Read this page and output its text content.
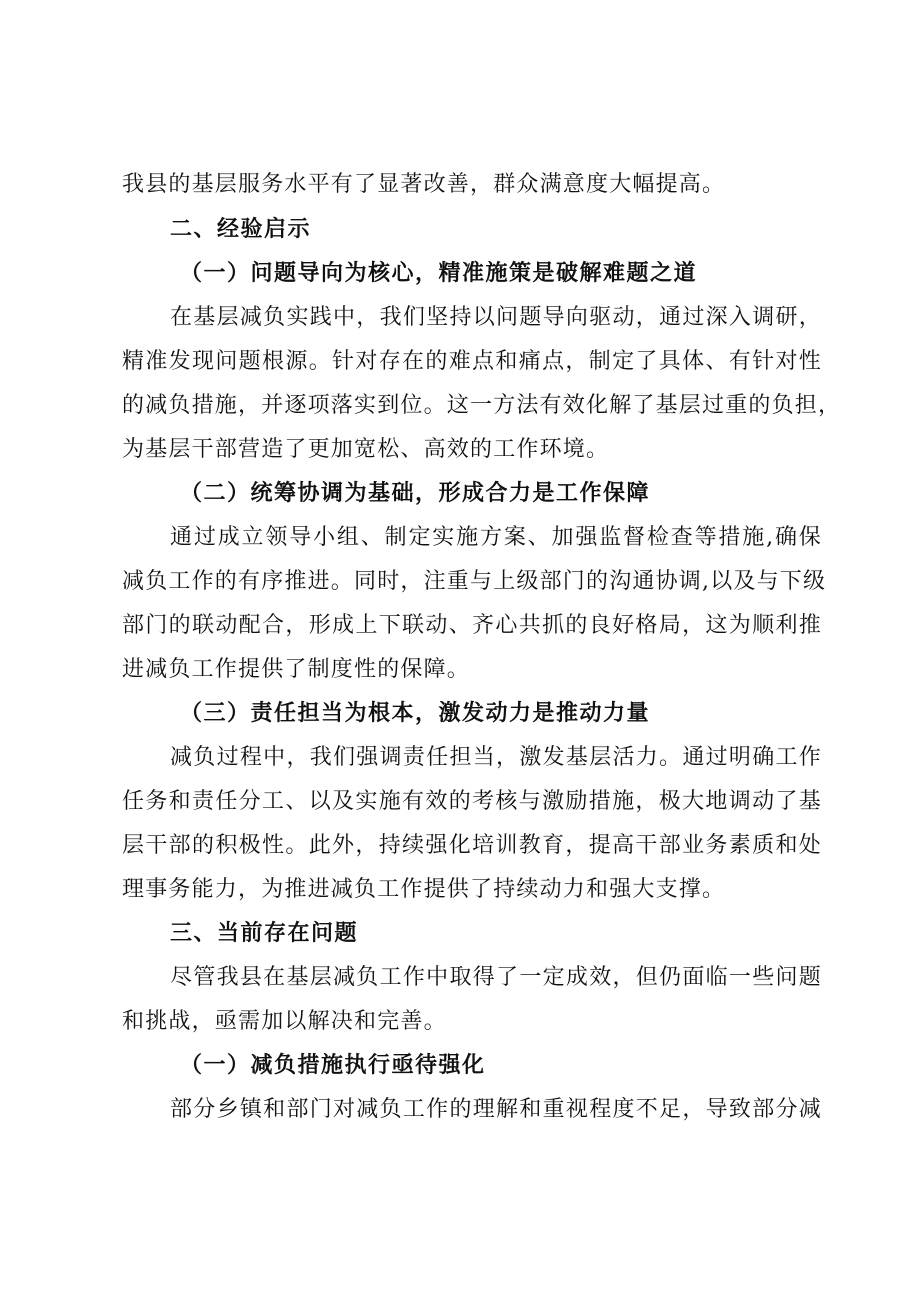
我县的基层服务水平有了显著改善，群众满意度大幅提高。
二、经验启示
（一）问题导向为核心，精准施策是破解难题之道
在基层减负实践中，我们坚持以问题导向驱动，通过深入调研，
精准发现问题根源。针对存在的难点和痛点，制定了具体、有针对性
的减负措施，并逐项落实到位。这一方法有效化解了基层过重的负担，
为基层干部营造了更加宽松、高效的工作环境。
（二）统筹协调为基础，形成合力是工作保障
通过成立领导小组、制定实施方案、加强监督检查等措施,确保
减负工作的有序推进。同时，注重与上级部门的沟通协调,以及与下级
部门的联动配合，形成上下联动、齐心共抓的良好格局，这为顺利推
进减负工作提供了制度性的保障。
（三）责任担当为根本，激发动力是推动力量
减负过程中，我们强调责任担当，激发基层活力。通过明确工作
任务和责任分工、以及实施有效的考核与激励措施，极大地调动了基
层干部的积极性。此外，持续强化培训教育，提高干部业务素质和处
理事务能力，为推进减负工作提供了持续动力和强大支撑。
三、当前存在问题
尽管我县在基层减负工作中取得了一定成效，但仍面临一些问题
和挑战，亟需加以解决和完善。
（一）减负措施执行亟待强化
部分乡镇和部门对减负工作的理解和重视程度不足，导致部分减
